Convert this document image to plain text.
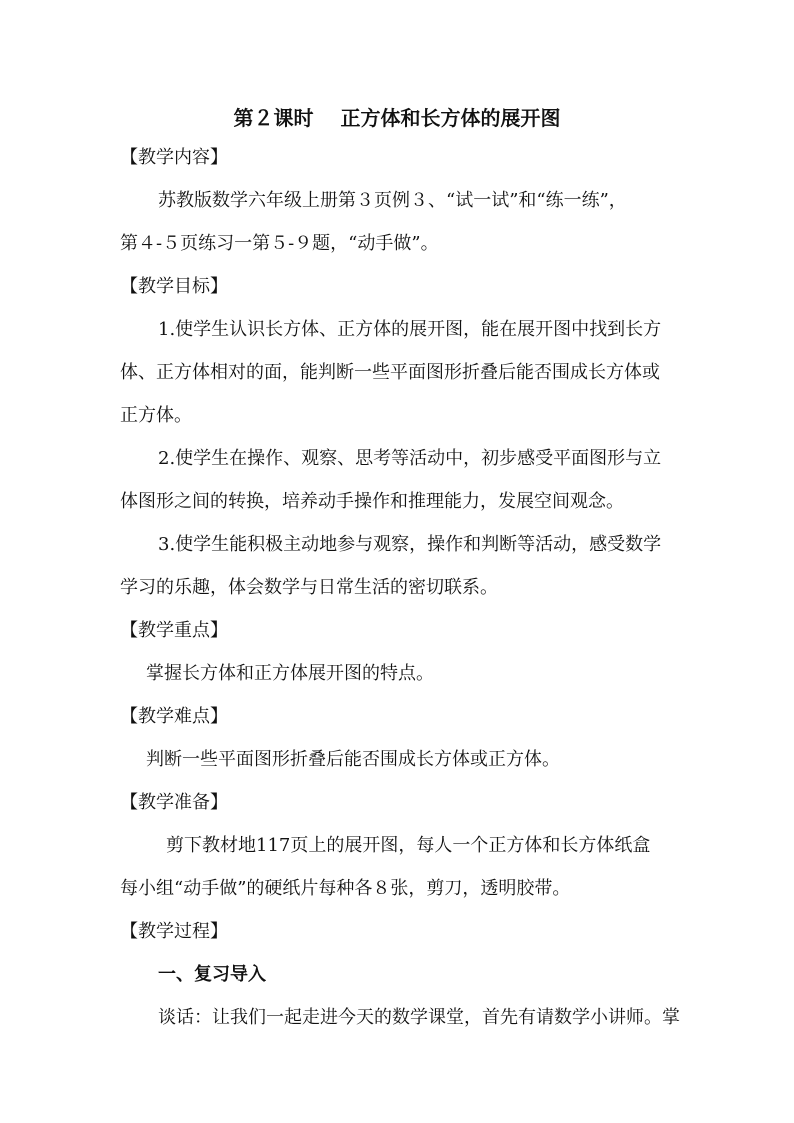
第２课时　 正方体和长方体的展开图
【教学内容】
苏教版数学六年级上册第３页例３、“试一试”和“练一练”，
第４-５页练习一第５-９题，“动手做”。
【教学目标】
1.使学生认识长方体、正方体的展开图，能在展开图中找到长方
体、正方体相对的面，能判断一些平面图形折叠后能否围成长方体或
正方体。
2.使学生在操作、观察、思考等活动中，初步感受平面图形与立
体图形之间的转换，培养动手操作和推理能力，发展空间观念。
3.使学生能积极主动地参与观察，操作和判断等活动，感受数学
学习的乐趣，体会数学与日常生活的密切联系。
【教学重点】
掌握长方体和正方体展开图的特点。
【教学难点】
判断一些平面图形折叠后能否围成长方体或正方体。
【教学准备】
剪下教材地117页上的展开图，每人一个正方体和长方体纸盒
每小组“动手做”的硬纸片每种各８张，剪刀，透明胶带。
【教学过程】
一、复习导入
谈话：让我们一起走进今天的数学课堂，首先有请数学小讲师。掌
